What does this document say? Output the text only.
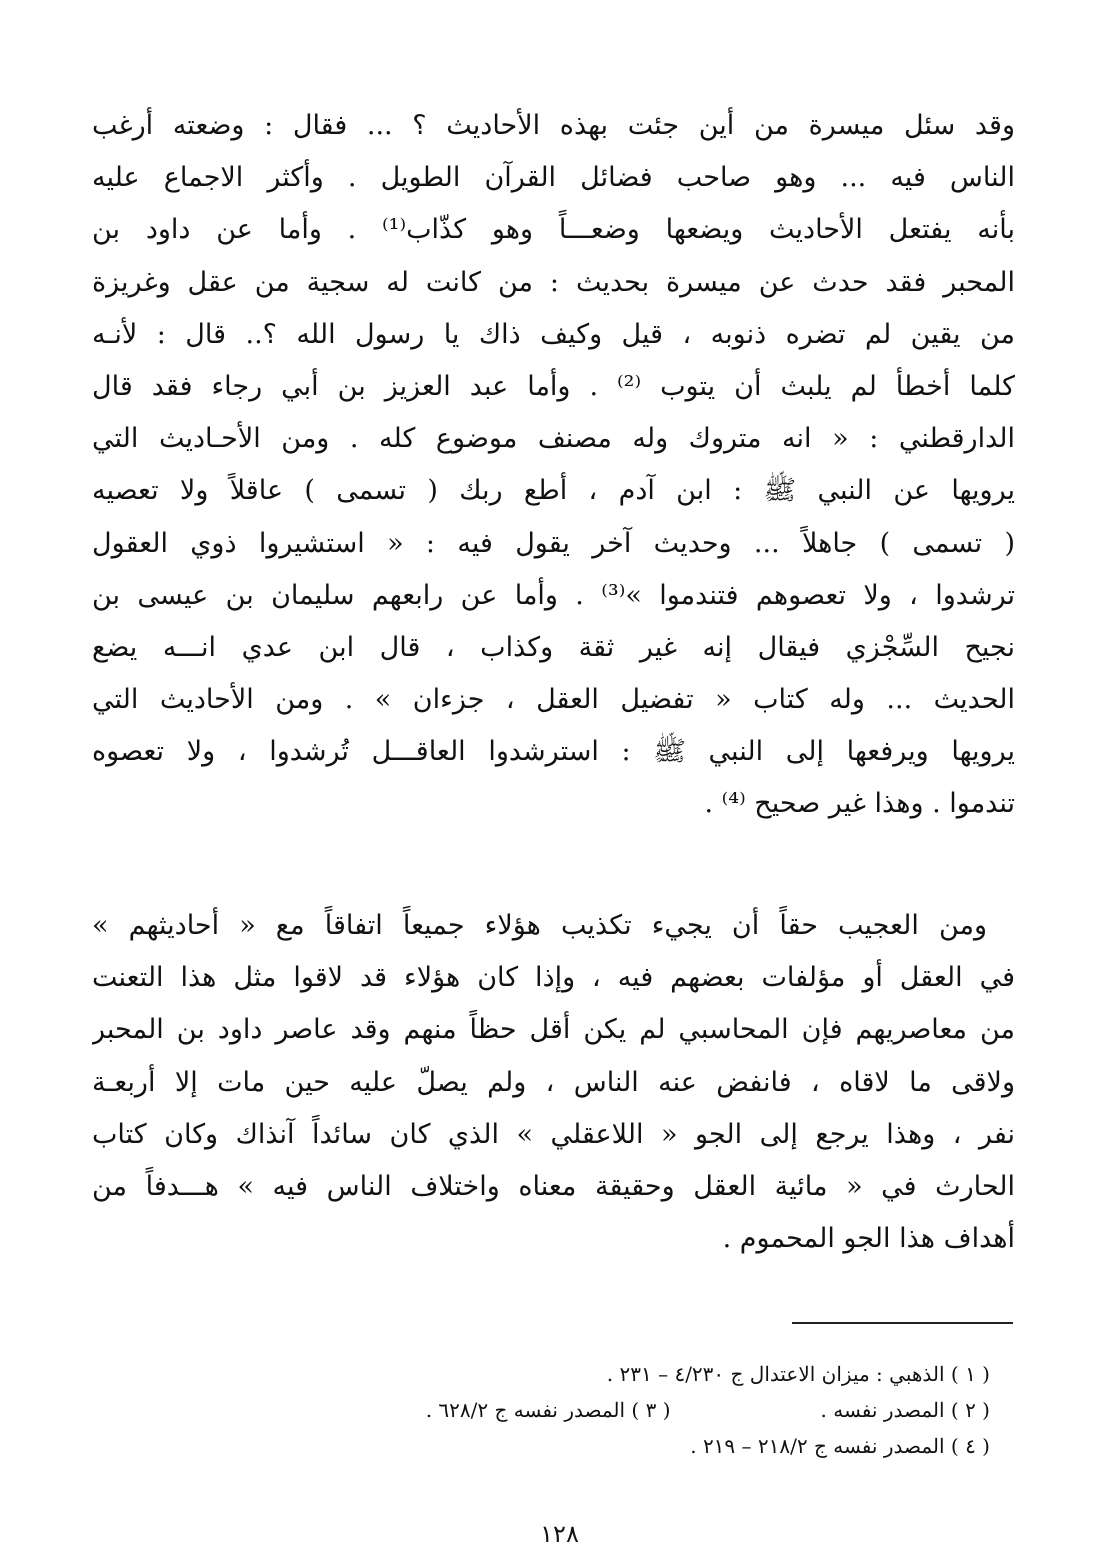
وقد سئل ميسرة من أين جئت بهذه الأحاديث ؟ ... فقال : وضعته أرغب
الناس فيه ... وهو صاحب فضائل القرآن الطويل . وأكثر الاجماع عليه
بأنه يفتعل الأحاديث ويضعها وضعـــاً وهو كذّاب⁽¹⁾ . وأما عن داود بن
المحبر فقد حدث عن ميسرة بحديث : من كانت له سجية من عقل وغريزة
من يقين لم تضره ذنوبه ، قيل وكيف ذاك يا رسول الله ؟.. قال : لأنـه
كلما أخطأ لم يلبث أن يتوب ⁽²⁾ . وأما عبد العزيز بن أبي رجاء فقد قال
الدارقطني : « انه متروك وله مصنف موضوع كله . ومن الأحـاديث التي
يرويها عن النبي ﷺ : ابن آدم ، أطع ربك ( تسمى ) عاقلاً ولا تعصيه
( تسمى ) جاهلاً ... وحديث آخر يقول فيه : « استشيروا ذوي العقول
ترشدوا ، ولا تعصوهم فتندموا »⁽³⁾ . وأما عن رابعهم سليمان بن عيسى بن
نجيح السِّجْزي فيقال إنه غير ثقة وكذاب ، قال ابن عدي انـــه يضع
الحديث ... وله كتاب « تفضيل العقل ، جزءان » . ومن الأحاديث التي
يرويها ويرفعها إلى النبي ﷺ : استرشدوا العاقـــل تُرشدوا ، ولا تعصوه
تندموا . وهذا غير صحيح ⁽⁴⁾ .
ومن العجيب حقاً أن يجيء تكذيب هؤلاء جميعاً اتفاقاً مع « أحاديثهم »
في العقل أو مؤلفات بعضهم فيه ، وإذا كان هؤلاء قد لاقوا مثل هذا التعنت
من معاصريهم فإن المحاسبي لم يكن أقل حظاً منهم وقد عاصر داود بن المحبر
ولاقى ما لاقاه ، فانفض عنه الناس ، ولم يصلّ عليه حين مات إلا أربعـة
نفر ، وهذا يرجع إلى الجو « اللاعقلي » الذي كان سائداً آنذاك وكان كتاب
الحارث في « مائية العقل وحقيقة معناه واختلاف الناس فيه » هـــدفاً من
أهداف هذا الجو المحموم .
( ١ ) الذهبي : ميزان الاعتدال ج ٤/٢٣٠ – ٢٣١ .
( ٢ ) المصدر نفسه .( ٣ ) المصدر نفسه ج ٦٢٨/٢ .
( ٤ ) المصدر نفسه ج ٢١٨/٢ – ٢١٩ .
١٢٨
